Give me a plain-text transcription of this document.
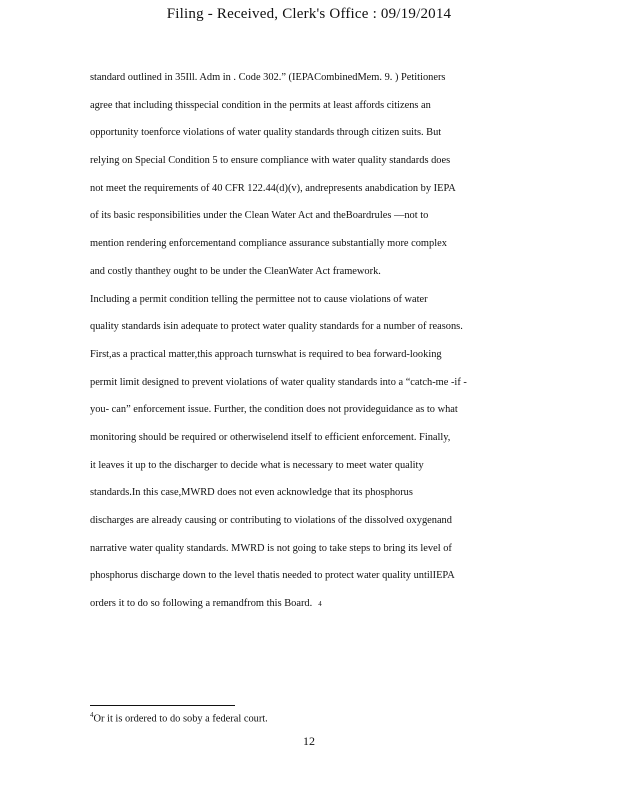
Filing - Received, Clerk's Office : 09/19/2014
standard outlined in 35Ill. Adm in . Code 302.” (IEPACombinedMem. 9. ) Petitioners
agree that including thisspecial condition in the permits at least affords citizens an
opportunity toenforce violations of water quality standards through citizen suits. But
relying on Special Condition 5 to ensure compliance with water quality standards does
not meet the requirements of 40 CFR 122.44(d)(v), andrepresents anabdication by IEPA
of its basic responsibilities under the Clean Water Act and theBoardrules —not to
mention rendering enforcementand compliance assurance substantially more complex
and costly thanthey ought to be under the CleanWater Act framework.
Including a permit condition telling the permittee not to cause violations of water
quality standards isin adequate to protect water quality standards for a number of reasons.
First,as a practical matter,this approach turnswhat is required to bea forward-looking
permit limit designed to prevent violations of water quality standards into a “catch-me -if -
you- can” enforcement issue. Further, the condition does not provideguidance as to what
monitoring should be required or otherwiselend itself to efficient enforcement. Finally,
it leaves it up to the discharger to decide what is necessary to meet water quality
standards.In this case,MWRD does not even acknowledge that its phosphorus
discharges are already causing or contributing to violations of the dissolved oxygenand
narrative water quality standards. MWRD is not going to take steps to bring its level of
phosphorus discharge down to the level thatis needed to protect water quality untilIEPA
orders it to do so following a remandfrom this Board. 4
$^4$Or it is ordered to do soby a federal court.
12
